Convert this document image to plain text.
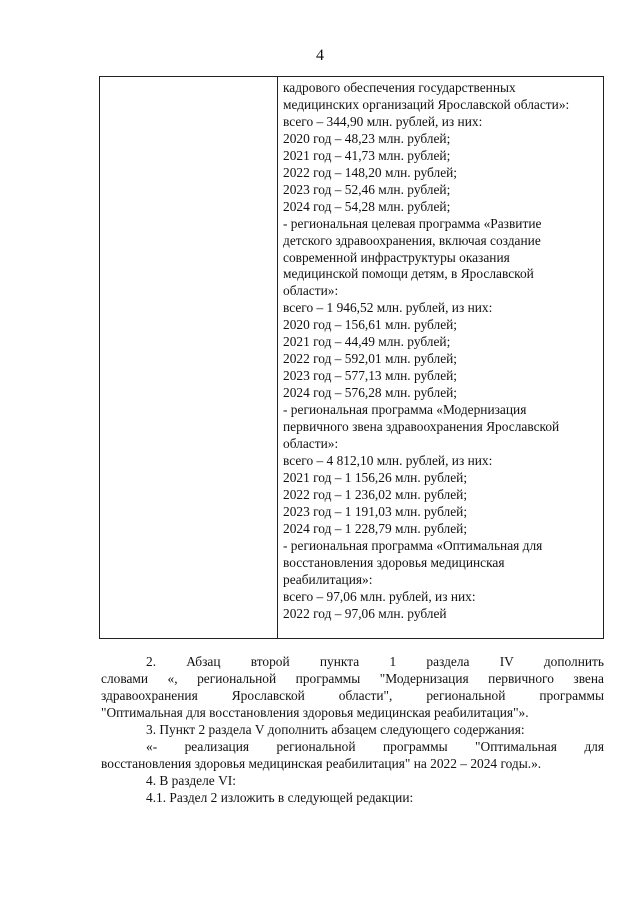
4
кадрового обеспечения государственных
медицинских организаций Ярославской области»:
всего – 344,90 млн. рублей, из них:
2020 год – 48,23 млн. рублей;
2021 год – 41,73 млн. рублей;
2022 год – 148,20 млн. рублей;
2023 год – 52,46 млн. рублей;
2024 год – 54,28 млн. рублей;
- региональная целевая программа «Развитие
детского здравоохранения, включая создание
современной инфраструктуры оказания
медицинской помощи детям, в Ярославской
области»:
всего – 1 946,52 млн. рублей, из них:
2020 год – 156,61 млн. рублей;
2021 год – 44,49 млн. рублей;
2022 год – 592,01 млн. рублей;
2023 год – 577,13 млн. рублей;
2024 год – 576,28 млн. рублей;
- региональная программа «Модернизация
первичного звена здравоохранения Ярославской
области»:
всего – 4 812,10 млн. рублей, из них:
2021 год – 1 156,26 млн. рублей;
2022 год – 1 236,02 млн. рублей;
2023 год – 1 191,03 млн. рублей;
2024 год – 1 228,79 млн. рублей;
- региональная программа «Оптимальная для
восстановления здоровья медицинская
реабилитация»:
всего – 97,06 млн. рублей, из них:
2022 год – 97,06 млн. рублей
2. Абзац второй пункта 1 раздела IV дополнить
словами «, региональной программы "Модернизация первичного звена
здравоохранения Ярославской области", региональной программы
"Оптимальная для восстановления здоровья медицинская реабилитация"».
3. Пункт 2 раздела V дополнить абзацем следующего содержания:
«- реализация региональной программы "Оптимальная для
восстановления здоровья медицинская реабилитация" на 2022 – 2024 годы.».
4. В разделе VI:
4.1. Раздел 2 изложить в следующей редакции:
